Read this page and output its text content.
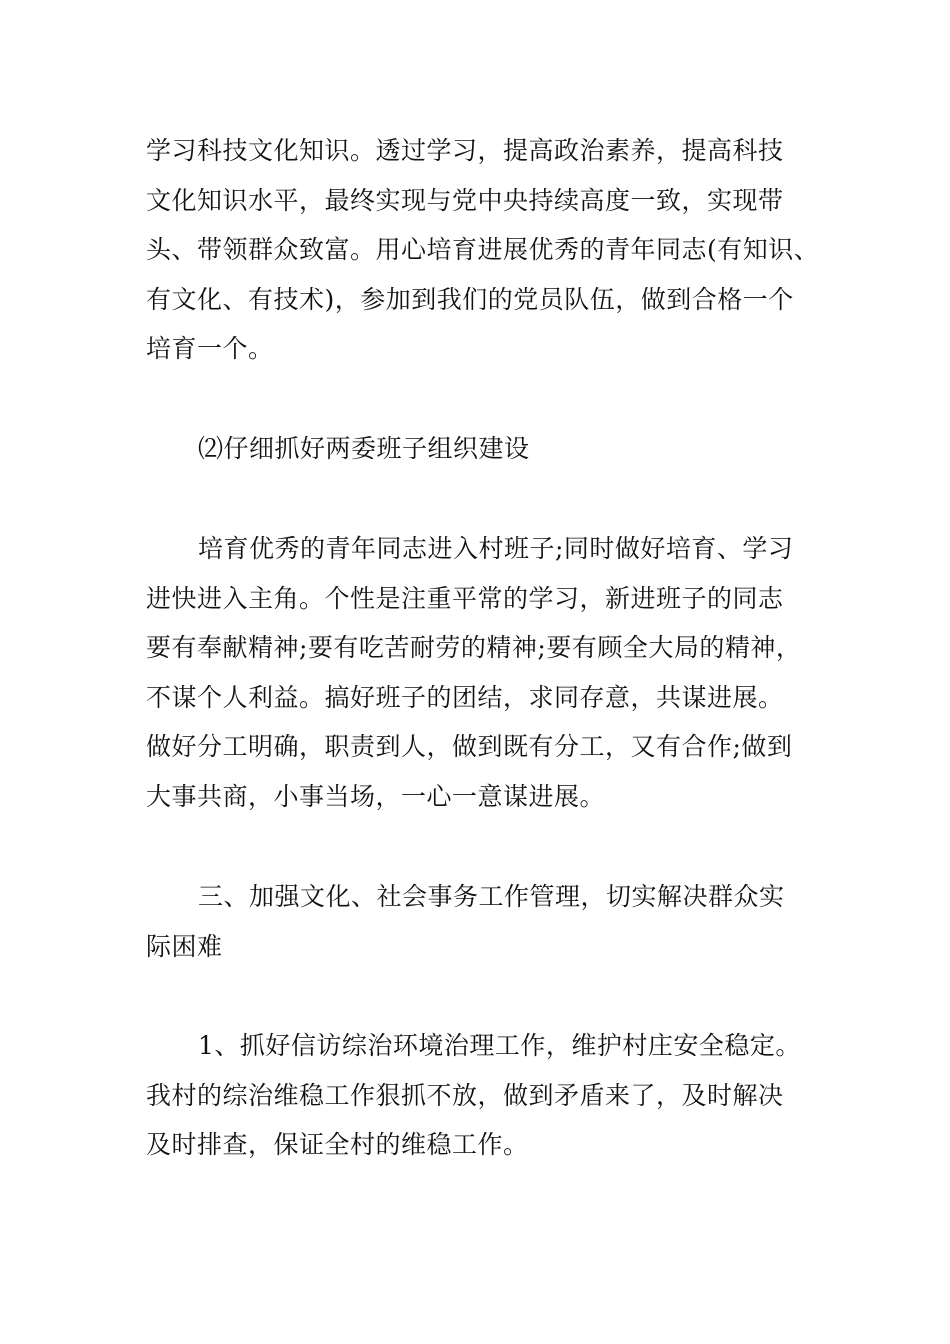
学习科技文化知识。透过学习，提高政治素养，提高科技
文化知识水平，最终实现与党中央持续高度一致，实现带
头、带领群众致富。用心培育进展优秀的青年同志(有知识、
有文化、有技术)，参加到我们的党员队伍，做到合格一个
培育一个。

⑵仔细抓好两委班子组织建设

培育优秀的青年同志进入村班子;同时做好培育、学习
进快进入主角。个性是注重平常的学习，新进班子的同志
要有奉献精神;要有吃苦耐劳的精神;要有顾全大局的精神，
不谋个人利益。搞好班子的团结，求同存意，共谋进展。
做好分工明确，职责到人，做到既有分工，又有合作;做到
大事共商，小事当场，一心一意谋进展。

三、加强文化、社会事务工作管理，切实解决群众实
际困难

1、抓好信访综治环境治理工作，维护村庄安全稳定。
我村的综治维稳工作狠抓不放，做到矛盾来了，及时解决
及时排查，保证全村的维稳工作。
